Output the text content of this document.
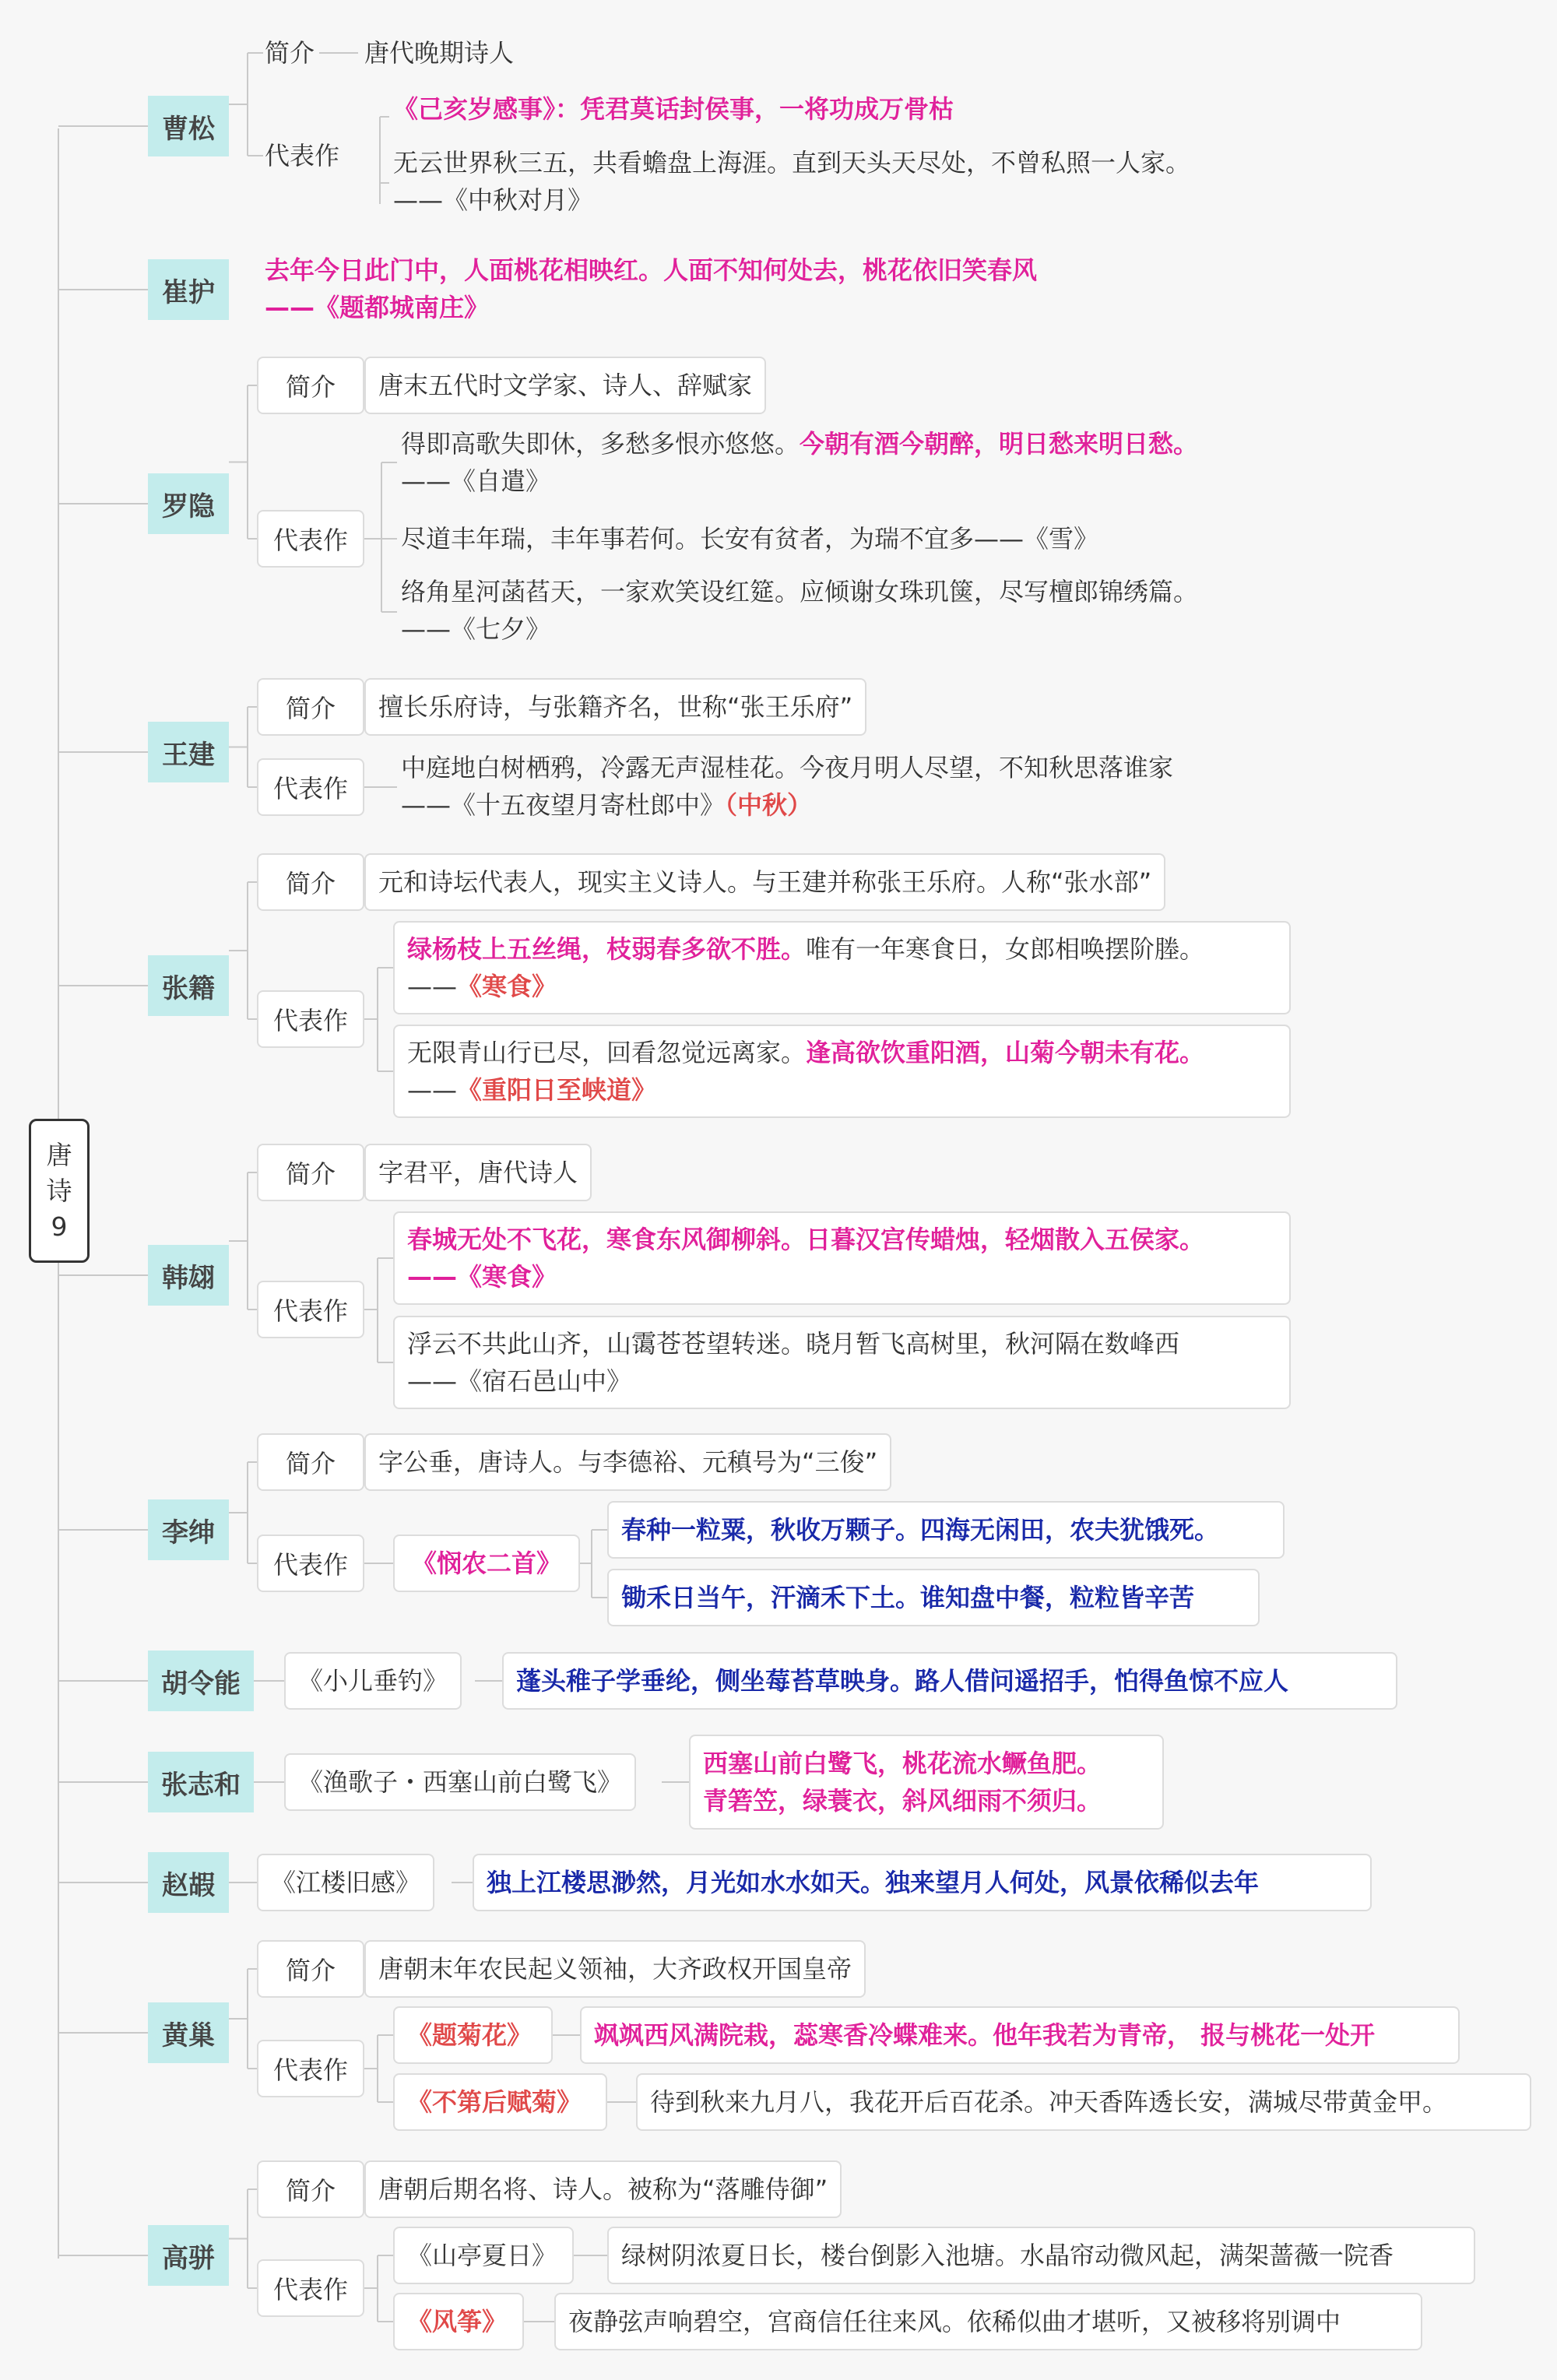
唐
诗
9
曹松
简介 唐代晚期诗人
代表作
《己亥岁感事》：凭君莫话封侯事，一将功成万骨枯
无云世界秋三五，共看蟾盘上海涯。直到天头天尽处，不曾私照一人家。
——《中秋对月》
崔护
去年今日此门中，人面桃花相映红。人面不知何处去，桃花依旧笑春风
——《题都城南庄》
罗隐
简介	唐末五代时文学家、诗人、辞赋家
代表作
得即高歌失即休，多愁多恨亦悠悠。今朝有酒今朝醉，明日愁来明日愁。
——《自遣》
尽道丰年瑞，丰年事若何。长安有贫者，为瑞不宜多——《雪》
络角星河菡萏天，一家欢笑设红筵。应倾谢女珠玑箧，尽写檀郎锦绣篇。
——《七夕》
王建
简介	擅长乐府诗，与张籍齐名，世称“张王乐府”
代表作
中庭地白树栖鸦，冷露无声湿桂花。今夜月明人尽望，不知秋思落谁家
——《十五夜望月寄杜郎中》（中秋）
张籍
简介	元和诗坛代表人，现实主义诗人。与王建并称张王乐府。人称“张水部”
代表作
绿杨枝上五丝绳，枝弱春多欲不胜。唯有一年寒食日，女郎相唤摆阶塍。
——《寒食》
无限青山行已尽，回看忽觉远离家。逢高欲饮重阳酒，山菊今朝未有花。
——《重阳日至峡道》
韩翃
简介	字君平，唐代诗人
代表作
春城无处不飞花，寒食东风御柳斜。日暮汉宫传蜡烛，轻烟散入五侯家。
——《寒食》
浮云不共此山齐，山霭苍苍望转迷。晓月暂飞高树里，秋河隔在数峰西
——《宿石邑山中》
李绅
简介	字公垂，唐诗人。与李德裕、元稹号为“三俊”
代表作	《悯农二首》
春种一粒粟，秋收万颗子。四海无闲田，农夫犹饿死。
锄禾日当午，汗滴禾下土。谁知盘中餐，粒粒皆辛苦
胡令能	《小儿垂钓》	蓬头稚子学垂纶，侧坐莓苔草映身。路人借问遥招手，怕得鱼惊不应人
张志和	《渔歌子・西塞山前白鹭飞》
西塞山前白鹭飞，桃花流水鳜鱼肥。
青箬笠，绿蓑衣，斜风细雨不须归。
赵嘏	《江楼旧感》	独上江楼思渺然，月光如水水如天。独来望月人何处，风景依稀似去年
黄巢
简介	唐朝末年农民起义领袖，大齐政权开国皇帝
代表作
《题菊花》 飒飒西风满院栽，蕊寒香冷蝶难来。他年我若为青帝， 报与桃花一处开
《不第后赋菊》	待到秋来九月八，我花开后百花杀。冲天香阵透长安，满城尽带黄金甲。
高骈
简介	唐朝后期名将、诗人。被称为“落雕侍御”
代表作
《山亭夏日》	绿树阴浓夏日长，楼台倒影入池塘。水晶帘动微风起，满架蔷薇一院香
《风筝》 夜静弦声响碧空，宫商信任往来风。依稀似曲才堪听，又被移将别调中
